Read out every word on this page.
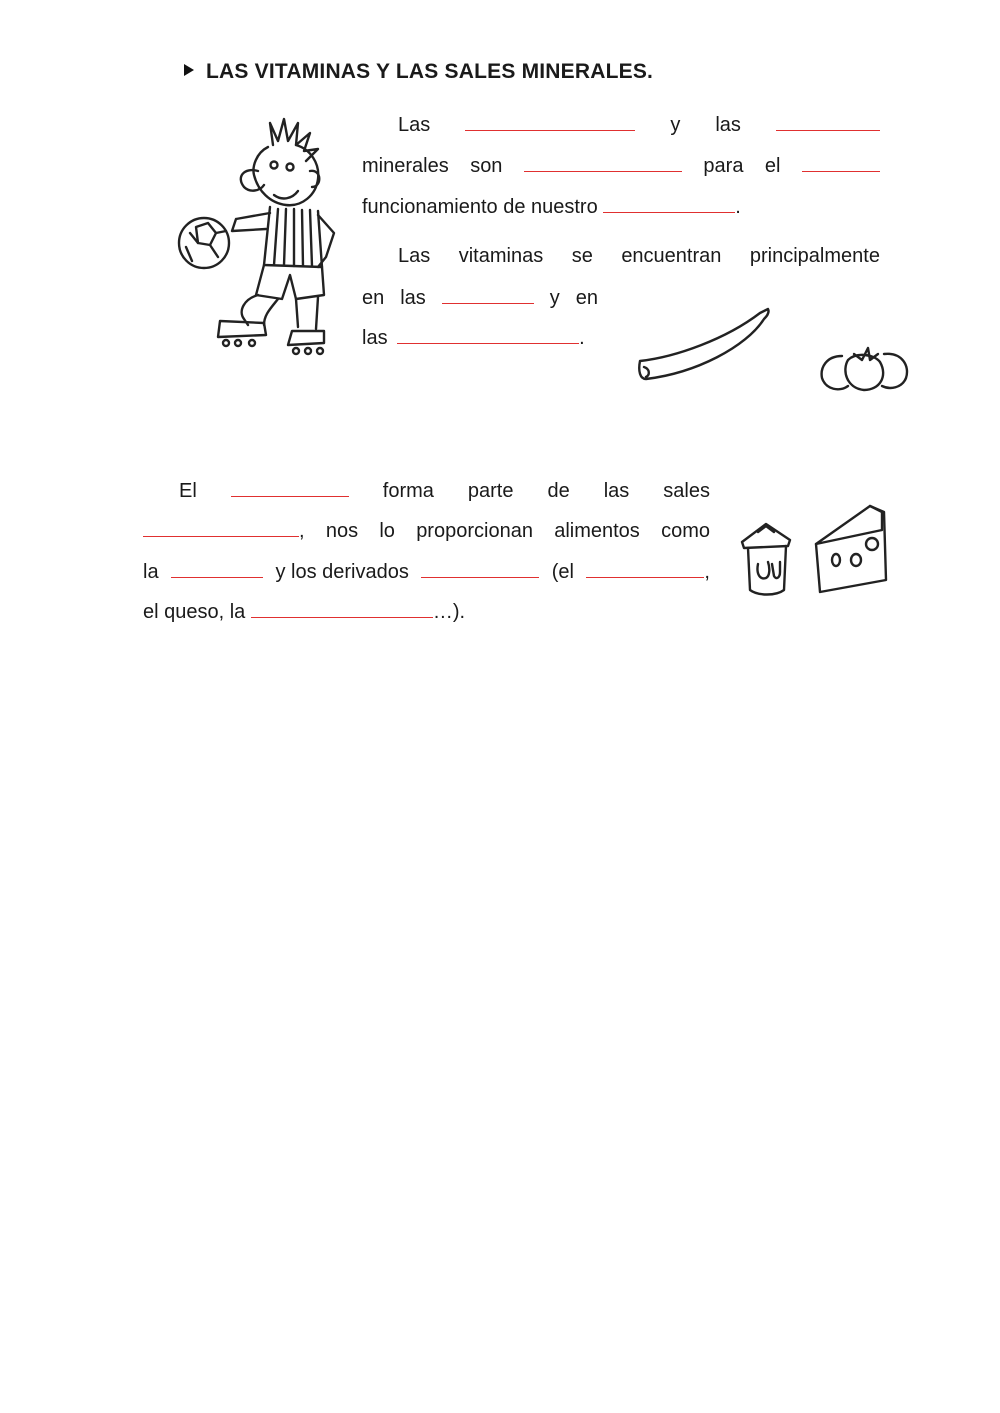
LAS VITAMINAS Y LAS SALES MINERALES.
Las	y las
minerales son	para el
funcionamiento de nuestro	.
Las vitaminas se encuentran principalmente
en las	y en
las	.
El	forma parte de las sales
, nos lo proporcionan alimentos como
la	y los derivados	(el	,
el queso, la	…).
